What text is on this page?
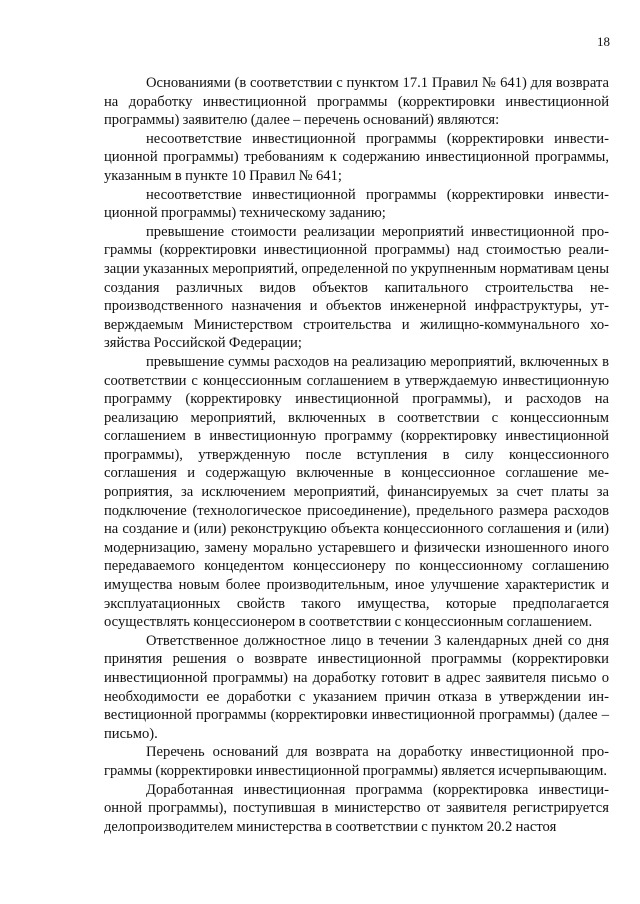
18

Основаниями (в соответствии с пунктом 17.1 Правил № 641) для возврата на доработку инвестиционной программы (корректировки инвестиционной программы) заявителю (далее – перечень оснований) являются:

несоответствие инвестиционной программы (корректировки инвестиционной программы) требованиям к содержанию инвестиционной программы, указанным в пункте 10 Правил № 641;

несоответствие инвестиционной программы (корректировки инвестиционной программы) техническому заданию;

превышение стоимости реализации мероприятий инвестиционной программы (корректировки инвестиционной программы) над стоимостью реализации указанных мероприятий, определенной по укрупненным нормативам цены создания различных видов объектов капитального строительства непроизводственного назначения и объектов инженерной инфраструктуры, утверждаемым Министерством строительства и жилищно-коммунального хозяйства Российской Федерации;

превышение суммы расходов на реализацию мероприятий, включенных в соответствии с концессионным соглашением в утверждаемую инвестиционную программу (корректировку инвестиционной программы), и расходов на реализацию мероприятий, включенных в соответствии с концессионным соглашением в инвестиционную программу (корректировку инвестиционной программы), утвержденную после вступления в силу концессионного соглашения и содержащую включенные в концессионное соглашение мероприятия, за исключением мероприятий, финансируемых за счет платы за подключение (технологическое присоединение), предельного размера расходов на создание и (или) реконструкцию объекта концессионного соглашения и (или) модернизацию, замену морально устаревшего и физически изношенного иного передаваемого концедентом концессионеру по концессионному соглашению имущества новым более производительным, иное улучшение характеристик и эксплуатационных свойств такого имущества, которые предполагается осуществлять концессионером в соответствии с концессионным соглашением.

Ответственное должностное лицо в течении 3 календарных дней со дня принятия решения о возврате инвестиционной программы (корректировки инвестиционной программы) на доработку готовит в адрес заявителя письмо о необходимости ее доработки с указанием причин отказа в утверждении инвестиционной программы (корректировки инвестиционной программы) (далее – письмо).

Перечень оснований для возврата на доработку инвестиционной программы (корректировки инвестиционной программы) является исчерпывающим.

Доработанная инвестиционная программа (корректировка инвестиционной программы), поступившая в министерство от заявителя регистрируется делопроизводителем министерства в соответствии с пунктом 20.2 настоя
